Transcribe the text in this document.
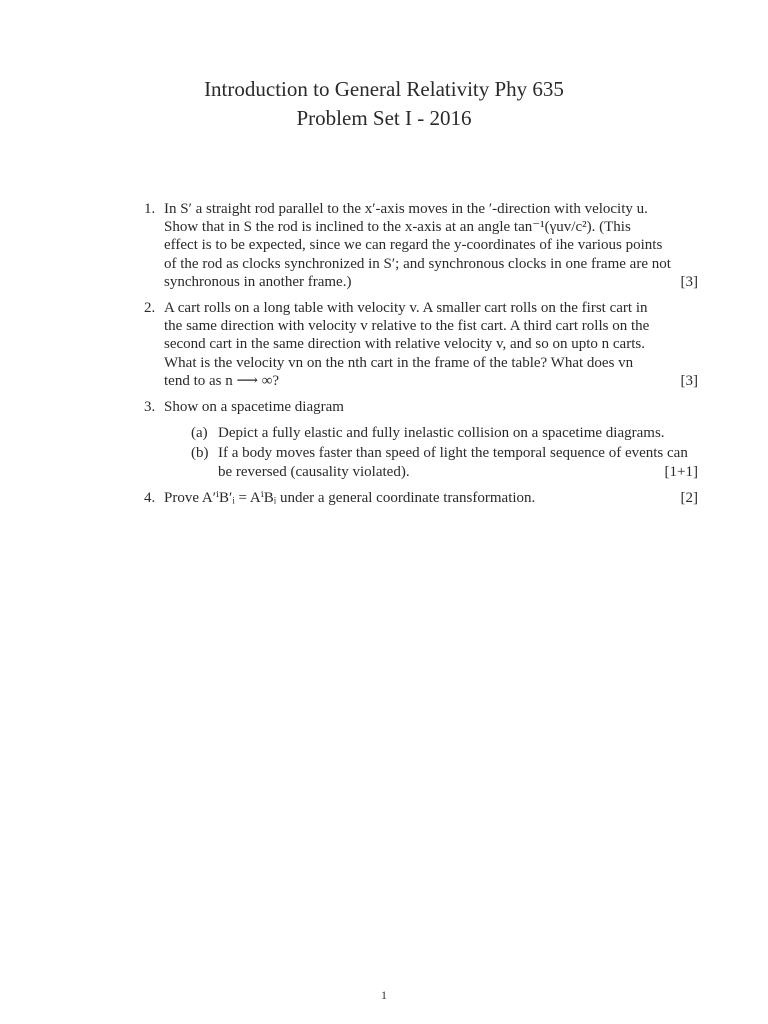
Introduction to General Relativity Phy 635
Problem Set I - 2016
1. In S′ a straight rod parallel to the x′-axis moves in the ′-direction with velocity u.
Show that in S the rod is inclined to the x-axis at an angle tan⁻¹(γuv/c²). (This
effect is to be expected, since we can regard the y-coordinates of ihe various points
of the rod as clocks synchronized in S′; and synchronous clocks in one frame are not
synchronous in another frame.)	[3]
2. A cart rolls on a long table with velocity v. A smaller cart rolls on the first cart in
the same direction with velocity v relative to the fist cart. A third cart rolls on the
second cart in the same direction with relative velocity v, and so on upto n carts.
What is the velocity vn on the nth cart in the frame of the table? What does vn
tend to as n ⟶ ∞?	[3]
3. Show on a spacetime diagram
(a) Depict a fully elastic and fully inelastic collision on a spacetime diagrams.
(b) If a body moves faster than speed of light the temporal sequence of events can
be reversed (causality violated).	[1+1]
4. Prove A′ⁱB′ᵢ = AⁱBᵢ under a general coordinate transformation.	[2]
1
